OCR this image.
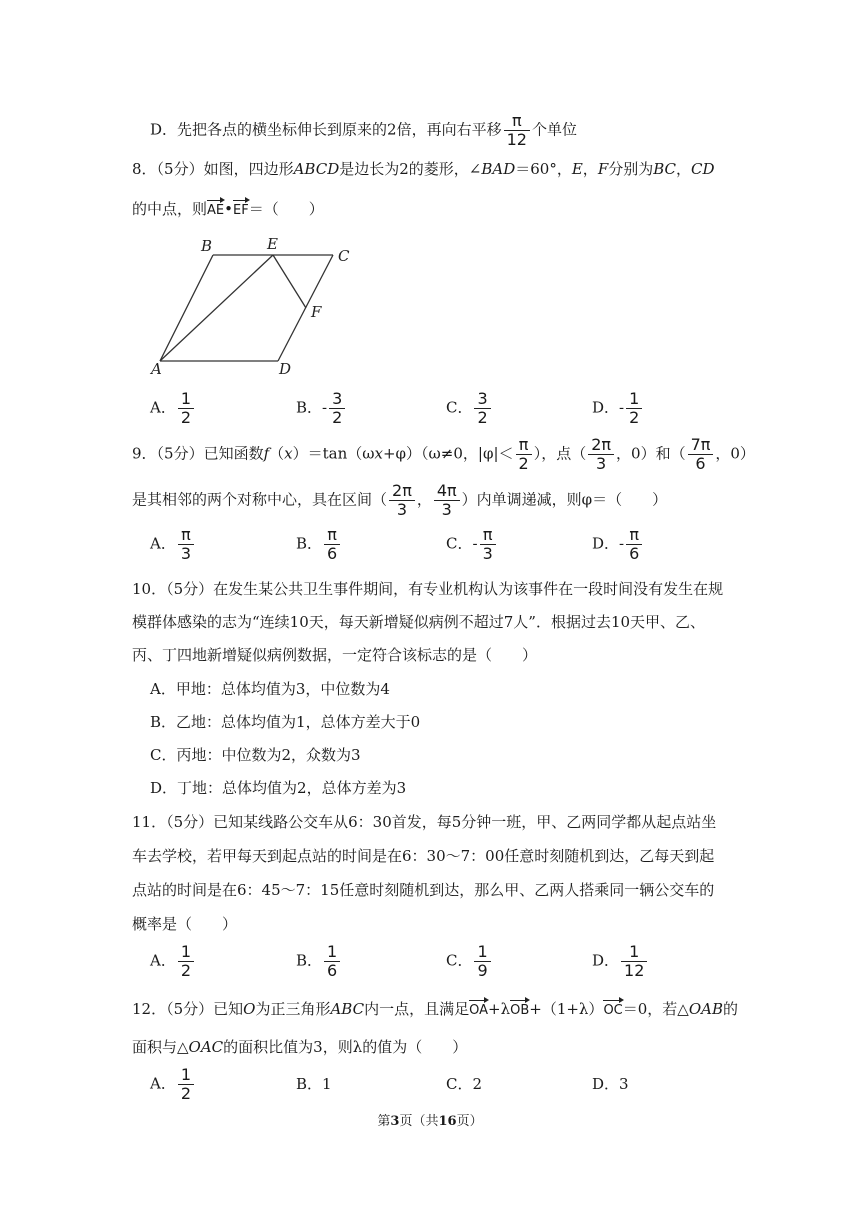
D．先把各点的横坐标伸长到原来的2倍，再向右平移 $\frac{\pi}{12}$ 个单位
8．（5分）如图，四边形ABCD是边长为2的菱形，∠BAD＝60°，E，F分别为BC，CD
的中点，则AE•EF＝（　　）
B	E
C
F
A	D
A． $\frac{1}{2}$	B．- $\frac{3}{2}$	C． $\frac{3}{2}$	D．- $\frac{1}{2}$
9．（5分）已知函数f（x）＝tan（ωx+φ）（ω≠0，$|\varphi|< \frac{\pi}{2}$ ），点（ $\frac{2\pi}{3}$ ，0）和（ $\frac{7\pi}{6}$ ，0）
是其相邻的两个对称中心，具在区间（ $\frac{2\pi}{3}$ ， $\frac{4\pi}{3}$ ）内单调递减，则φ＝（　　）
A． $\frac{\pi}{3}$	B． $\frac{\pi}{6}$	C．- $\frac{\pi}{3}$	D．- $\frac{\pi}{6}$
10．（5分）在发生某公共卫生事件期间，有专业机构认为该事件在一段时间没有发生在规
模群体感染的志为“连续10天，每天新增疑似病例不超过7人”．根据过去10天甲、乙、
丙、丁四地新增疑似病例数据，一定符合该标志的是（　　）
A．甲地：总体均值为3，中位数为4
B．乙地：总体均值为1，总体方差大于0
C．丙地：中位数为2，众数为3
D．丁地：总体均值为2，总体方差为3
11．（5分）已知某线路公交车从6：30首发，每5分钟一班，甲、乙两同学都从起点站坐
车去学校，若甲每天到起点站的时间是在6：30～7：00任意时刻随机到达，乙每天到起
点站的时间是在6：45～7：15任意时刻随机到达，那么甲、乙两人搭乘同一辆公交车的
概率是（　　）
A． $\frac{1}{2}$	B． $\frac{1}{6}$	C． $\frac{1}{9}$	D． $\frac{1}{12}$
12．（5分）已知O为正三角形ABC内一点，且满足OA+λOB+（1+λ）OC＝0，若△OAB的
面积与△OAC的面积比值为3，则λ的值为（　　）
A． $\frac{1}{2}$	B．1	C．2	D．3
第3页（共16页）
